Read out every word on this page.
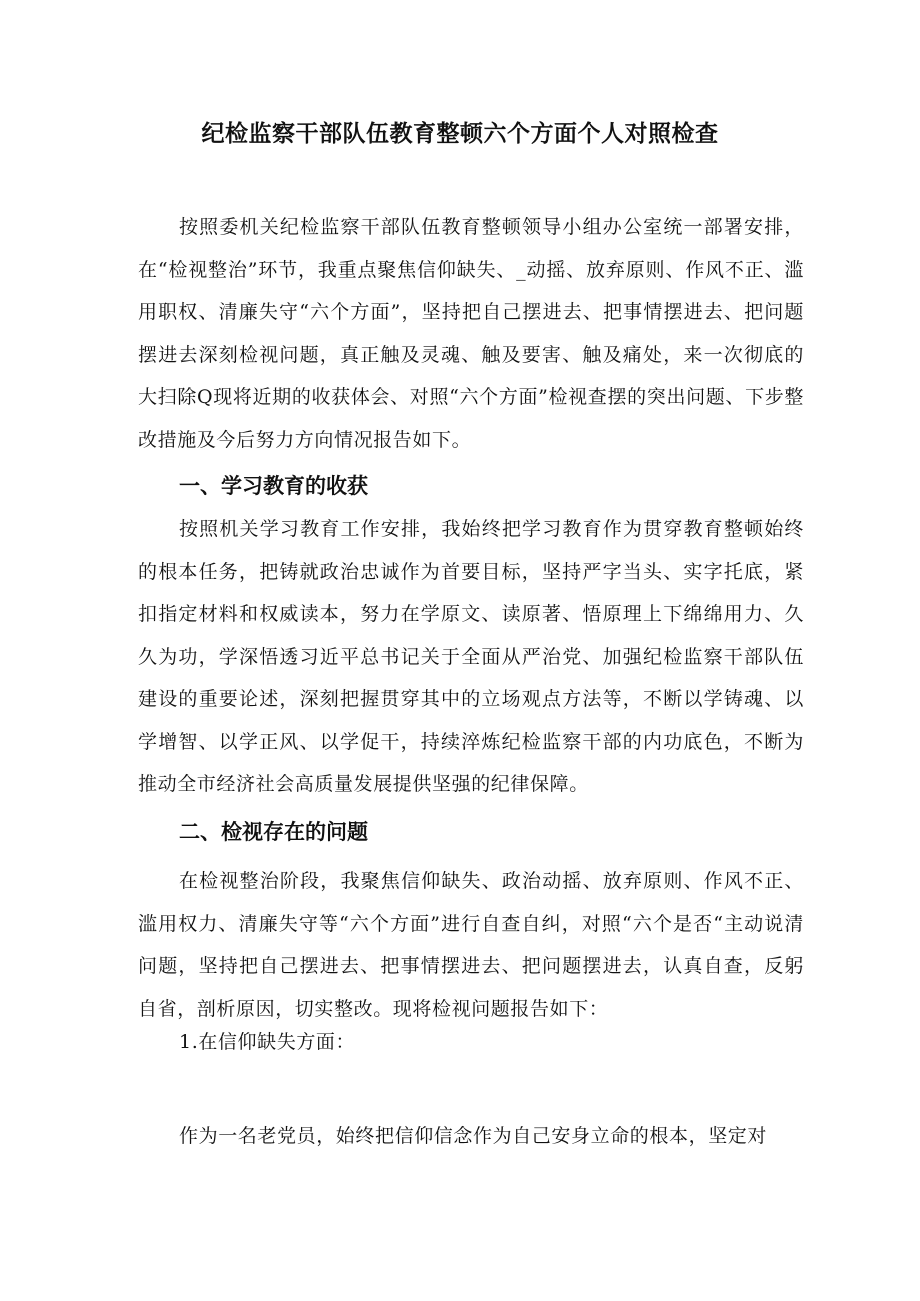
纪检监察干部队伍教育整顿六个方面个人对照检查

按照委机关纪检监察干部队伍教育整顿领导小组办公室统一部署安排，在“检视整治”环节，我重点聚焦信仰缺失、_动摇、放弃原则、作风不正、滥用职权、清廉失守“六个方面”，坚持把自己摆进去、把事情摆进去、把问题摆进去深刻检视问题，真正触及灵魂、触及要害、触及痛处，来一次彻底的大扫除Q现将近期的收获体会、对照“六个方面”检视查摆的突出问题、下步整改措施及今后努力方向情况报告如下。

一、学习教育的收获

按照机关学习教育工作安排，我始终把学习教育作为贯穿教育整顿始终的根本任务，把铸就政治忠诚作为首要目标，坚持严字当头、实字托底，紧扣指定材料和权威读本，努力在学原文、读原著、悟原理上下绵绵用力、久久为功，学深悟透习近平总书记关于全面从严治党、加强纪检监察干部队伍建设的重要论述，深刻把握贯穿其中的立场观点方法等，不断以学铸魂、以学增智、以学正风、以学促干，持续淬炼纪检监察干部的内功底色，不断为推动全市经济社会高质量发展提供坚强的纪律保障。

二、检视存在的问题

在检视整治阶段，我聚焦信仰缺失、政治动摇、放弃原则、作风不正、滥用权力、清廉失守等“六个方面”进行自查自纠，对照“六个是否“主动说清问题，坚持把自己摆进去、把事情摆进去、把问题摆进去，认真自查，反躬自省，剖析原因，切实整改。现将检视问题报告如下：

1.在信仰缺失方面：

作为一名老党员，始终把信仰信念作为自己安身立命的根本，坚定对
